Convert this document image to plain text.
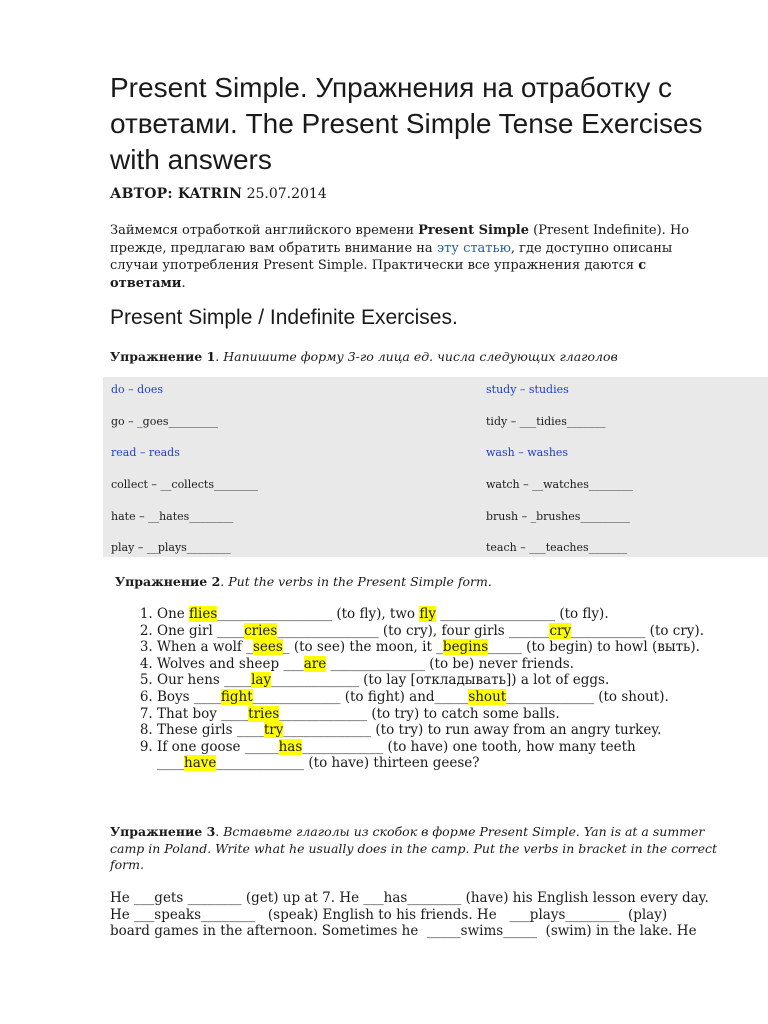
Present Simple. Упражнения на отработку с ответами. The Present Simple Tense Exercises with answers
АВТОР: KATRIN 25.07.2014

Займемся отработкой английского времени Present Simple (Present Indefinite). Но прежде, предлагаю вам обратить внимание на эту статью, где доступно описаны случаи употребления Present Simple. Практически все упражнения даются с ответами.

Present Simple / Indefinite Exercises.
Упражнение 1. Напишите форму 3-го лица ед. числа следующих глаголов
do – does
go – _goes_________
read – reads
collect – __collects________
hate – __hates________
play – __plays________
study – studies
tidy – ___tidies_______
wash – washes
watch – __watches________
brush – _brushes_________
teach – ___teaches_______
Упражнение 2. Put the verbs in the Present Simple form.
1. One flies_________________ (to fly), two fly _________________ (to fly).
2. One girl ____cries_______________ (to cry), four girls ______cry___________ (to cry).
3. When a wolf _sees_ (to see) the moon, it _begins_____ (to begin) to howl (выть).
4. Wolves and sheep ___are ______________ (to be) never friends.
5. Our hens ____lay_____________ (to lay [откладывать]) a lot of eggs.
6. Boys ____fight_____________ (to fight) and_____shout_____________ (to shout).
7. That boy ____tries_____________ (to try) to catch some balls.
8. These girls ____try_____________ (to try) to run away from an angry turkey.
9. If one goose _____has____________ (to have) one tooth, how many teeth ____have_____________ (to have) thirteen geese?
Упражнение 3. Вставьте глаголы из скобок в форме Present Simple. Yan is at a summer camp in Poland. Write what he usually does in the camp. Put the verbs in bracket in the correct form.
He ___gets ________ (get) up at 7. He ___has________ (have) his English lesson every day.
He ___speaks________   (speak) English to his friends. He   ___plays________  (play)
board games in the afternoon. Sometimes he  _____swims_____  (swim) in the lake. He
